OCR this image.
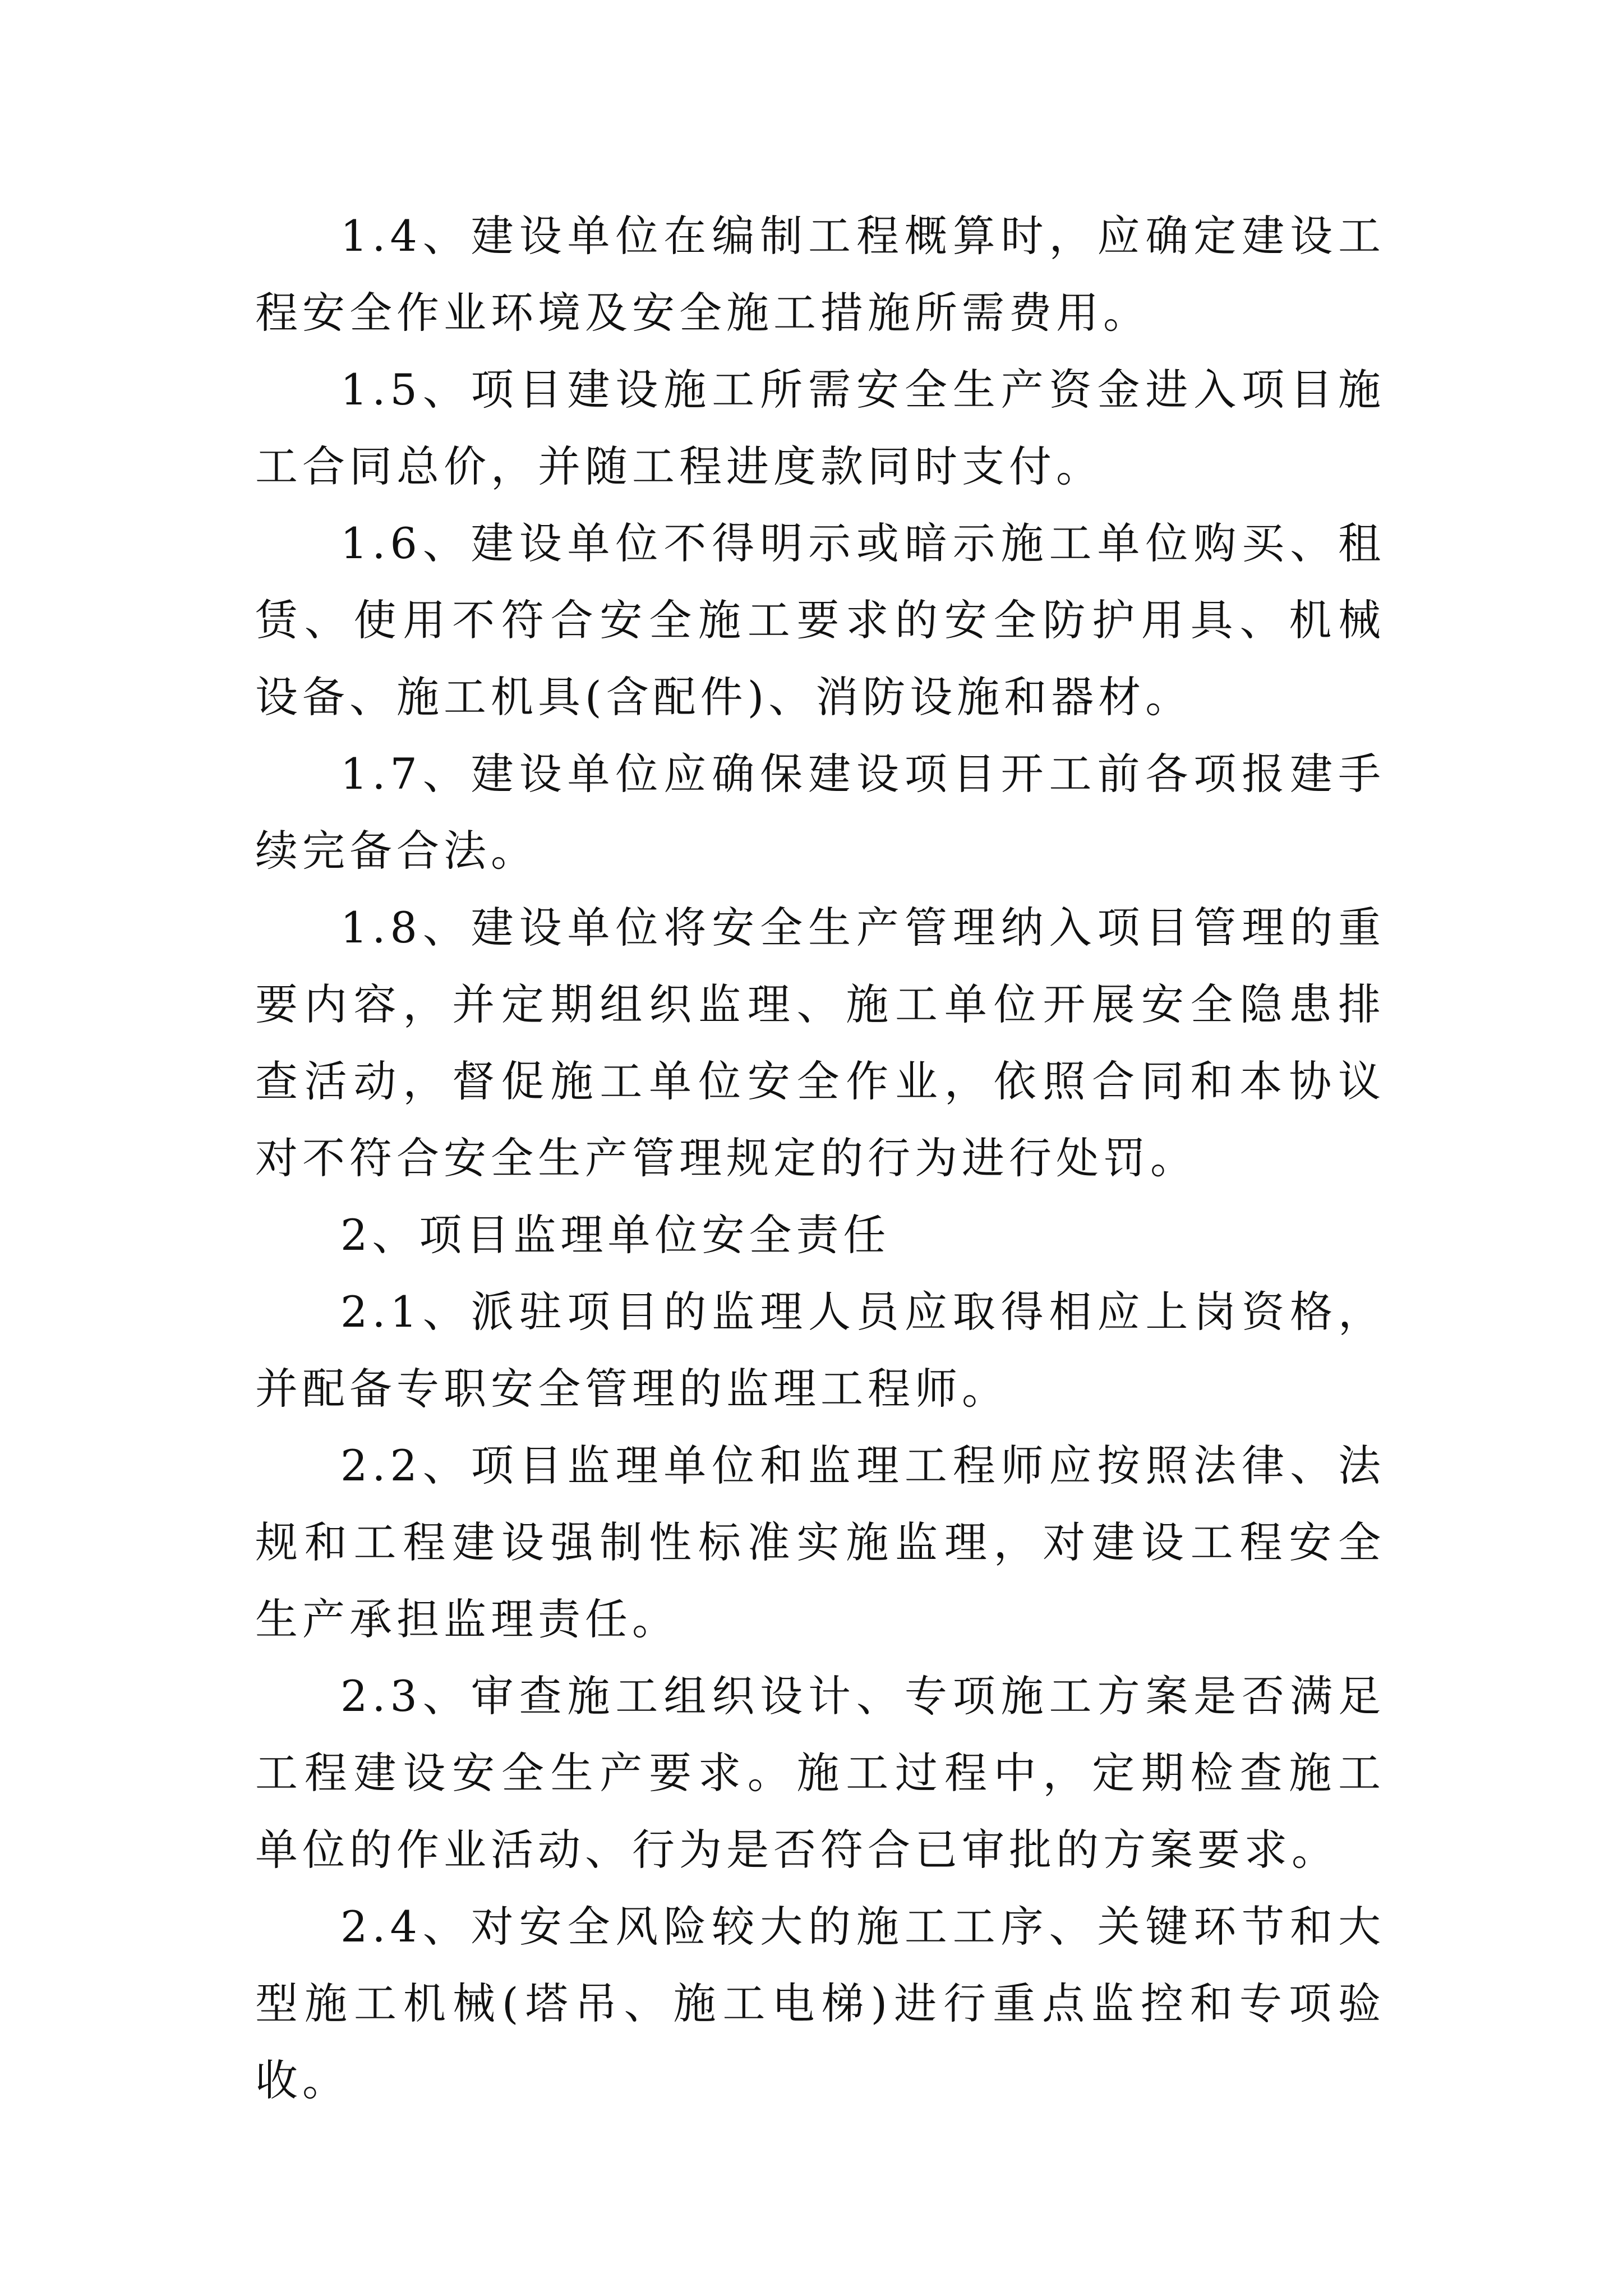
1.4、建设单位在编制工程概算时，应确定建设工程安全作业环境及安全施工措施所需费用。

1.5、项目建设施工所需安全生产资金进入项目施工合同总价，并随工程进度款同时支付。

1.6、建设单位不得明示或暗示施工单位购买、租赁、使用不符合安全施工要求的安全防护用具、机械设备、施工机具(含配件)、消防设施和器材。

1.7、建设单位应确保建设项目开工前各项报建手续完备合法。

1.8、建设单位将安全生产管理纳入项目管理的重要内容，并定期组织监理、施工单位开展安全隐患排查活动，督促施工单位安全作业，依照合同和本协议对不符合安全生产管理规定的行为进行处罚。

2、项目监理单位安全责任

2.1、派驻项目的监理人员应取得相应上岗资格，并配备专职安全管理的监理工程师。

2.2、项目监理单位和监理工程师应按照法律、法规和工程建设强制性标准实施监理，对建设工程安全生产承担监理责任。

2.3、审查施工组织设计、专项施工方案是否满足工程建设安全生产要求。施工过程中，定期检查施工单位的作业活动、行为是否符合已审批的方案要求。

2.4、对安全风险较大的施工工序、关键环节和大型施工机械(塔吊、施工电梯)进行重点监控和专项验收。
